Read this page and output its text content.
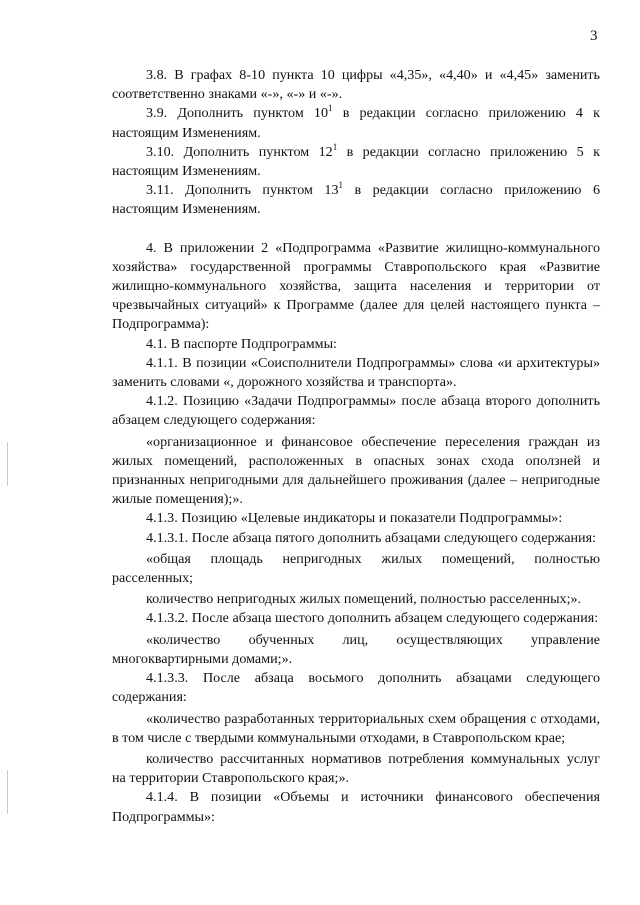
3

3.8. В графах 8-10 пункта 10 цифры «4,35», «4,40» и «4,45» заменить соответственно знаками «-», «-» и «-».

3.9. Дополнить пунктом $10^1$ в редакции согласно приложению 4 к настоящим Изменениям.

3.10. Дополнить пунктом $12^1$ в редакции согласно приложению 5 к настоящим Изменениям.

3.11. Дополнить пунктом $13^1$ в редакции согласно приложению 6 настоящим Изменениям.

4. В приложении 2 «Подпрограмма «Развитие жилищно-коммунального хозяйства» государственной программы Ставропольского края «Развитие жилищно-коммунального хозяйства, защита населения и территории от чрезвычайных ситуаций» к Программе (далее для целей настоящего пункта – Подпрограмма):

4.1. В паспорте Подпрограммы:

4.1.1. В позиции «Соисполнители Подпрограммы» слова «и архитектуры» заменить словами «, дорожного хозяйства и транспорта».

4.1.2. Позицию «Задачи Подпрограммы» после абзаца второго дополнить абзацем следующего содержания:

«организационное и финансовое обеспечение переселения граждан из жилых помещений, расположенных в опасных зонах схода оползней и признанных непригодными для дальнейшего проживания (далее – непригодные жилые помещения);».

4.1.3. Позицию «Целевые индикаторы и показатели Подпрограммы»:

4.1.3.1. После абзаца пятого дополнить абзацами следующего содержания:

«общая площадь непригодных жилых помещений, полностью расселенных;

количество непригодных жилых помещений, полностью расселенных;».

4.1.3.2. После абзаца шестого дополнить абзацем следующего содержания:

«количество обученных лиц, осуществляющих управление многоквартирными домами;».

4.1.3.3. После абзаца восьмого дополнить абзацами следующего содержания:

«количество разработанных территориальных схем обращения с отходами, в том числе с твердыми коммунальными отходами, в Ставропольском крае;

количество рассчитанных нормативов потребления коммунальных услуг на территории Ставропольского края;».

4.1.4. В позиции «Объемы и источники финансового обеспечения Подпрограммы»:
